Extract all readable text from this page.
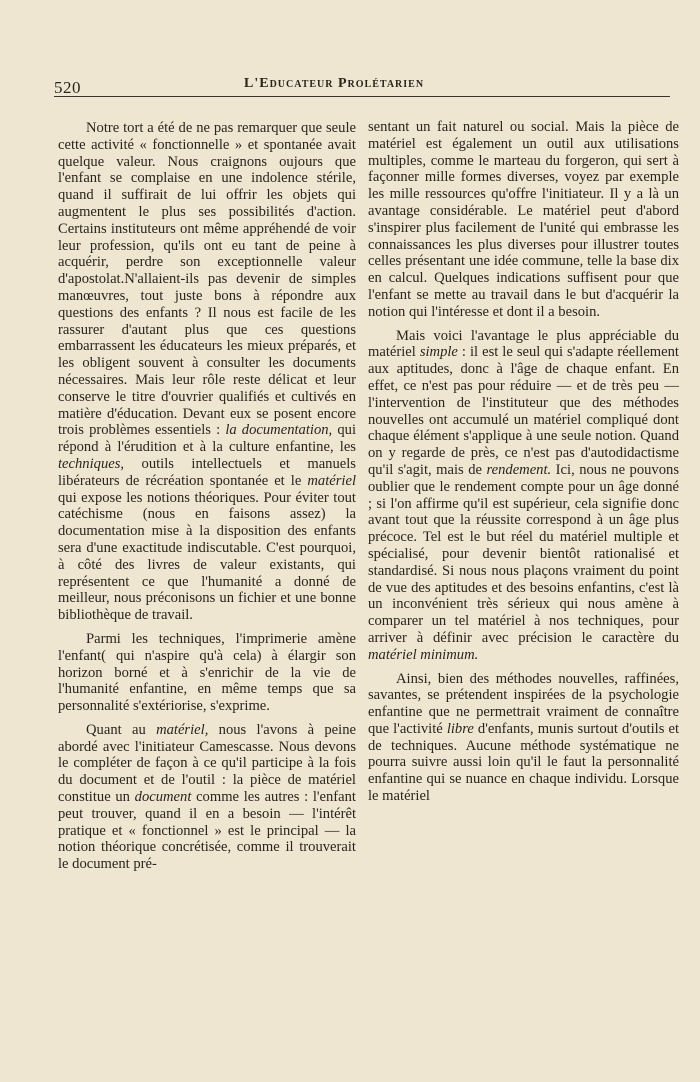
520	L'Educateur Prolétarien

Notre tort a été de ne pas remarquer que seule cette activité « fonctionnelle » et spontanée avait quelque valeur. Nous craignons oujours que l'enfant se complaise en une indolence stérile, quand il suffirait de lui offrir les objets qui augmentent le plus ses possibilités d'action. Certains instituteurs ont même appréhendé de voir leur profession, qu'ils ont eu tant de peine à acquérir, perdre son exceptionnelle valeur d'apostolat.N'allaient-ils pas devenir de simples manœuvres, tout juste bons à répondre aux questions des enfants ? Il nous est facile de les rassurer d'autant plus que ces questions embarrassent les éducateurs les mieux préparés, et les obligent souvent à consulter les documents nécessaires. Mais leur rôle reste délicat et leur conserve le titre d'ouvrier qualifiés et cultivés en matière d'éducation. Devant eux se posent encore trois problèmes essentiels : la documentation, qui répond à l'érudition et à la culture enfantine, les techniques, outils intellectuels et manuels libérateurs de récréation spontanée et le matériel qui expose les notions théoriques. Pour éviter tout catéchisme (nous en faisons assez) la documentation mise à la disposition des enfants sera d'une exactitude indiscutable. C'est pourquoi, à côté des livres de valeur existants, qui représentent ce que l'humanité a donné de meilleur, nous préconisons un fichier et une bonne bibliothèque de travail.

Parmi les techniques, l'imprimerie amène l'enfant( qui n'aspire qu'à cela) à élargir son horizon borné et à s'enrichir de la vie de l'humanité enfantine, en même temps que sa personnalité s'extériorise, s'exprime.

Quant au matériel, nous l'avons à peine abordé avec l'initiateur Camescasse. Nous devons le compléter de façon à ce qu'il participe à la fois du document et de l'outil : la pièce de matériel constitue un document comme les autres : l'enfant peut trouver, quand il en a besoin — l'intérêt pratique et « fonctionnel » est le principal — la notion théorique concrétisée, comme il trouverait le document pré-

sentant un fait naturel ou social. Mais la pièce de matériel est également un outil aux utilisations multiples, comme le marteau du forgeron, qui sert à façonner mille formes diverses, voyez par exemple les mille ressources qu'offre l'initiateur. Il y a là un avantage considérable. Le matériel peut d'abord s'inspirer plus facilement de l'unité qui embrasse les connaissances les plus diverses pour illustrer toutes celles présentant une idée commune, telle la base dix en calcul. Quelques indications suffisent pour que l'enfant se mette au travail dans le but d'acquérir la notion qui l'intéresse et dont il a besoin.

Mais voici l'avantage le plus appréciable du matériel simple : il est le seul qui s'adapte réellement aux aptitudes, donc à l'âge de chaque enfant. En effet, ce n'est pas pour réduire — et de très peu — l'intervention de l'instituteur que des méthodes nouvelles ont accumulé un matériel compliqué dont chaque élément s'applique à une seule notion. Quand on y regarde de près, ce n'est pas d'autodidactisme qu'il s'agit, mais de rendement. Ici, nous ne pouvons oublier que le rendement compte pour un âge donné ; si l'on affirme qu'il est supérieur, cela signifie donc avant tout que la réussite correspond à un âge plus précoce. Tel est le but réel du matériel multiple et spécialisé, pour devenir bientôt rationalisé et standardisé. Si nous nous plaçons vraiment du point de vue des aptitudes et des besoins enfantins, c'est là un inconvénient très sérieux qui nous amène à comparer un tel matériel à nos techniques, pour arriver à définir avec précision le caractère du matériel minimum.

Ainsi, bien des méthodes nouvelles, raffinées, savantes, se prétendent inspirées de la psychologie enfantine que ne permettrait vraiment de connaître que l'activité libre d'enfants, munis surtout d'outils et de techniques. Aucune méthode systématique ne pourra suivre aussi loin qu'il le faut la personnalité enfantine qui se nuance en chaque individu. Lorsque le matériel
